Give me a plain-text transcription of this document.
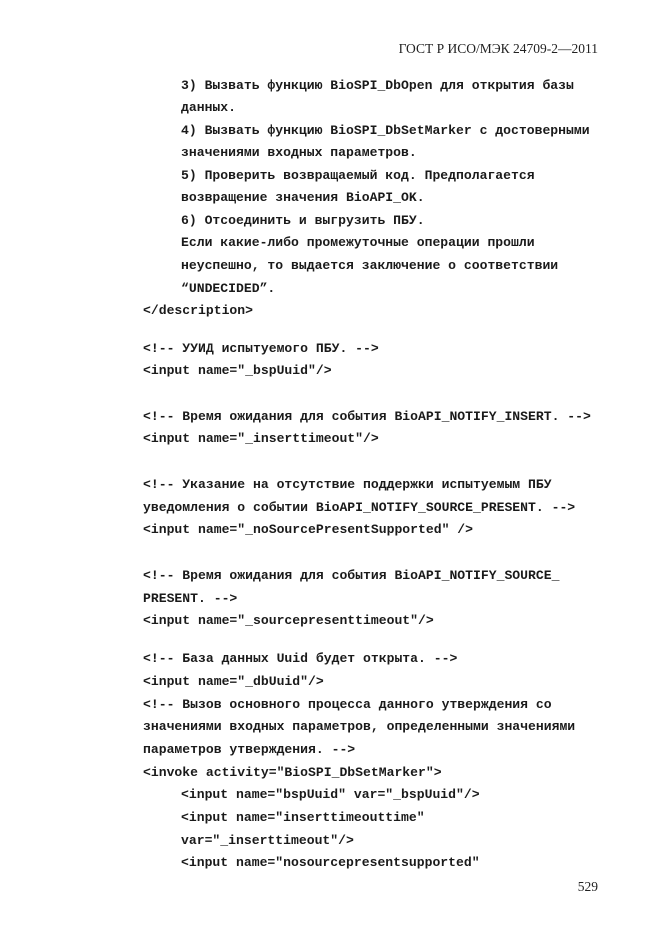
ГОСТ Р ИСО/МЭК 24709-2—2011
3) Вызвать функцию BioSPI_DbOpen для открытия базы
данных.
4) Вызвать функцию BioSPI_DbSetMarker с достоверными
значениями входных параметров.
5) Проверить возвращаемый код. Предполагается
возвращение значения BioAPI_OK.
6) Отсоединить и выгрузить ПБУ.
Если какие-либо промежуточные операции прошли
неуспешно, то выдается заключение о соответствии
“UNDECIDED”.
</description>
<!-- УУИД испытуемого ПБУ. -->
<input name="_bspUuid"/>
<!-- Время ожидания для события BioAPI_NOTIFY_INSERT. -->
<input name="_inserttimeout"/>
<!-- Указание на отсутствие поддержки испытуемым ПБУ
уведомления о событии BioAPI_NOTIFY_SOURCE_PRESENT. -->
<input name="_noSourcePresentSupported" />
<!-- Время ожидания для события BioAPI_NOTIFY_SOURCE_
PRESENT. -->
<input name="_sourcepresenttimeout"/>
<!-- База данных Uuid будет открыта. -->
<input name="_dbUuid"/>
<!-- Вызов основного процесса данного утверждения со
значениями входных параметров, определенными значениями
параметров утверждения. -->
<invoke activity="BioSPI_DbSetMarker">
<input name="bspUuid" var="_bspUuid"/>
<input name="inserttimeouttime"
var="_inserttimeout"/>
<input name="nosourcepresentsupported"
529
